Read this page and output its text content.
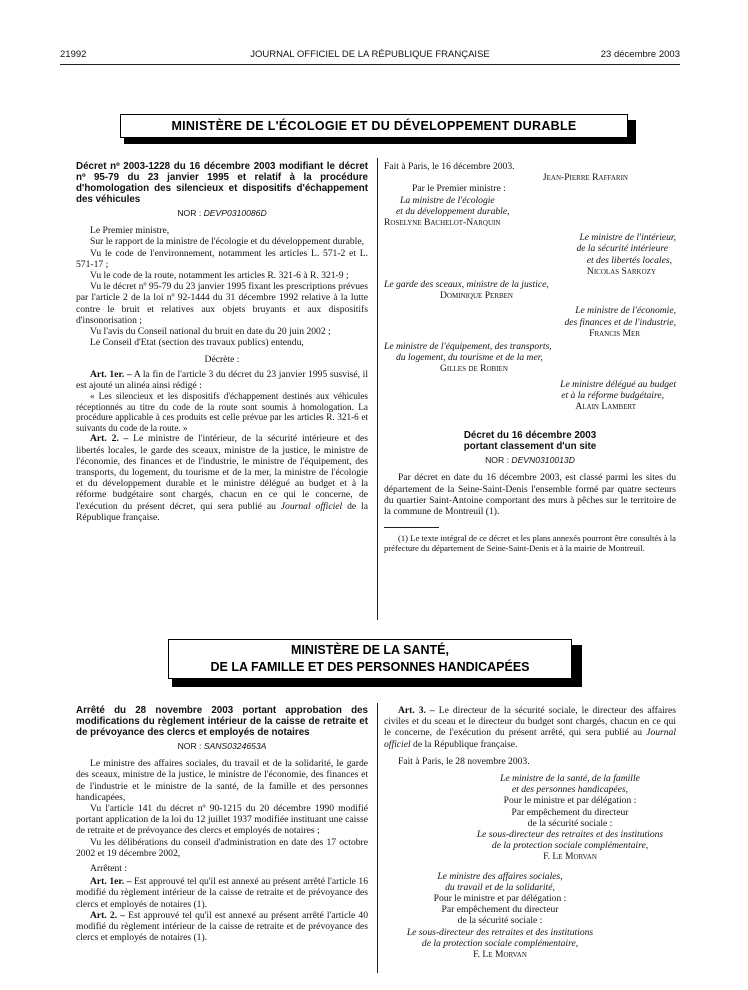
21992	JOURNAL OFFICIEL DE LA RÉPUBLIQUE FRANÇAISE	23 décembre 2003
MINISTÈRE DE L'ÉCOLOGIE ET DU DÉVELOPPEMENT DURABLE

Décret nº 2003-1228 du 16 décembre 2003 modifiant le décret nº 95-79 du 23 janvier 1995 et relatif à la procédure d'homologation des silencieux et dispositifs d'échappement des véhicules

NOR : DEVP0310086D

Le Premier ministre,

Sur le rapport de la ministre de l'écologie et du développement durable,

Vu le code de l'environnement, notamment les articles L. 571-2 et L. 571-17 ;

Vu le code de la route, notamment les articles R. 321-6 à R. 321-9 ;

Vu le décret nº 95-79 du 23 janvier 1995 fixant les prescriptions prévues par l'article 2 de la loi nº 92-1444 du 31 décembre 1992 relative à la lutte contre le bruit et relatives aux objets bruyants et aux dispositifs d'insonorisation ;

Vu l'avis du Conseil national du bruit en date du 20 juin 2002 ;

Le Conseil d'Etat (section des travaux publics) entendu,

Décrète :

Art. 1er. – A la fin de l'article 3 du décret du 23 janvier 1995 susvisé, il est ajouté un alinéa ainsi rédigé :

« Les silencieux et les dispositifs d'échappement destinés aux véhicules réceptionnés au titre du code de la route sont soumis à homologation. La procédure applicable à ces produits est celle prévue par les articles R. 321-6 et suivants du code de la route. »

Art. 2. – Le ministre de l'intérieur, de la sécurité intérieure et des libertés locales, le garde des sceaux, ministre de la justice, le ministre de l'économie, des finances et de l'industrie, le ministre de l'équipement, des transports, du logement, du tourisme et de la mer, la ministre de l'écologie et du développement durable et le ministre délégué au budget et à la réforme budgétaire sont chargés, chacun en ce qui le concerne, de l'exécution du présent décret, qui sera publié au Journal officiel de la République française.

Fait à Paris, le 16 décembre 2003.

Jean-Pierre Raffarin

Par le Premier ministre :

La ministre de l'écologie

et du développement durable,

Roselyne Bachelot-Narquin

Le ministre de l'intérieur,

de la sécurité intérieure

et des libertés locales,

Nicolas Sarkozy

Le garde des sceaux, ministre de la justice,

Dominique Perben

Le ministre de l'économie,

des finances et de l'industrie,

Francis Mer

Le ministre de l'équipement, des transports,

du logement, du tourisme et de la mer,

Gilles de Robien

Le ministre délégué au budget

et à la réforme budgétaire,

Alain Lambert

Décret du 16 décembre 2003

portant classement d'un site

NOR : DEVN0310013D

Par décret en date du 16 décembre 2003, est classé parmi les sites du département de la Seine-Saint-Denis l'ensemble formé par quatre secteurs du quartier Saint-Antoine comportant des murs à pêches sur le territoire de la commune de Montreuil (1).

(1) Le texte intégral de ce décret et les plans annexés pourront être consultés à la préfecture du département de Seine-Saint-Denis et à la mairie de Montreuil.

MINISTÈRE DE LA SANTÉ,
DE LA FAMILLE ET DES PERSONNES HANDICAPÉES

Arrêté du 28 novembre 2003 portant approbation des modifications du règlement intérieur de la caisse de retraite et de prévoyance des clercs et employés de notaires

NOR : SANS0324653A

Le ministre des affaires sociales, du travail et de la solidarité, le garde des sceaux, ministre de la justice, le ministre de l'économie, des finances et de l'industrie et le ministre de la santé, de la famille et des personnes handicapées,

Vu l'article 141 du décret nº 90-1215 du 20 décembre 1990 modifié portant application de la loi du 12 juillet 1937 modifiée instituant une caisse de retraite et de prévoyance des clercs et employés de notaires ;

Vu les délibérations du conseil d'administration en date des 17 octobre 2002 et 19 décembre 2002,

Arrêtent :

Art. 1er. – Est approuvé tel qu'il est annexé au présent arrêté l'article 16 modifié du règlement intérieur de la caisse de retraite et de prévoyance des clercs et employés de notaires (1).

Art. 2. – Est approuvé tel qu'il est annexé au présent arrêté l'article 40 modifié du règlement intérieur de la caisse de retraite et de prévoyance des clercs et employés de notaires (1).

Art. 3. – Le directeur de la sécurité sociale, le directeur des affaires civiles et du sceau et le directeur du budget sont chargés, chacun en ce qui le concerne, de l'exécution du présent arrêté, qui sera publié au Journal officiel de la République française.

Fait à Paris, le 28 novembre 2003.

Le ministre de la santé, de la famille
et des personnes handicapées,
Pour le ministre et par délégation :
Par empêchement du directeur
de la sécurité sociale :
Le sous-directeur des retraites et des institutions
de la protection sociale complémentaire,
F. Le Morvan
Le ministre des affaires sociales,
du travail et de la solidarité,
Pour le ministre et par délégation :
Par empêchement du directeur
de la sécurité sociale :
Le sous-directeur des retraites et des institutions
de la protection sociale complémentaire,
F. Le Morvan
